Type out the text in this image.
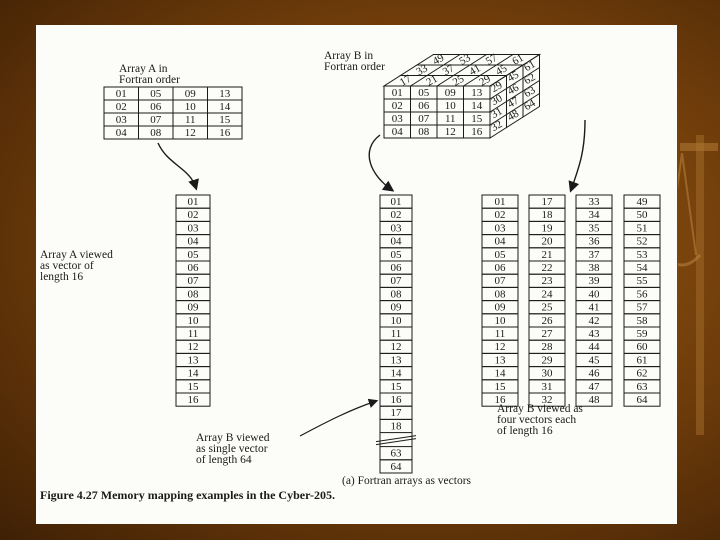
Array A in
Fortran order
01 05 09 13
02 06 10 14
03 07 11 15
04 08 12 16
Array B in
Fortran order	49 53 57 61
33 37 41 45
17 21 25 29
29
30
31
32
45
46
47
48
61
62
63
64
01 05 09 13
02 06 10 14
03 07 11 15
04 08 12 16
01
02
03
04
05
06
07
08
09
10
11
12
13
14
15
16
Array A viewed
as vector of
length 16
01
02
03
04
05
06
07
08
09
10
11
12
13
14
15
16
17
18
63
64
Array B viewed
as single vector
of length 64
01
02
03
04
05
06
07
08
09
10
11
12
13
14
15
16
17
18
19
20
21
22
23
24
25
26
27
28
29
30
31
32
33
34
35
36
37
38
39
40
41
42
43
44
45
46
47
48
49
50
51
52
53
54
55
56
57
58
59
60
61
62
63
64
Array B viewed as
four vectors each
of length 16
(a) Fortran arrays as vectors
Figure 4.27 Memory mapping examples in the Cyber-205.
